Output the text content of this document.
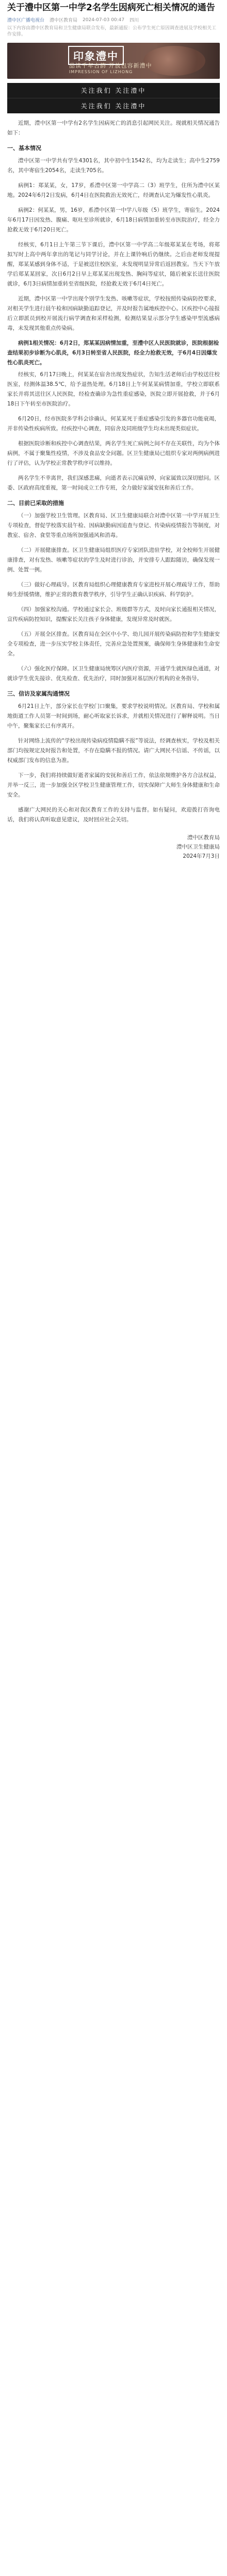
关于澧中区第一中学2名学生因病死亡相关情况的通告
澧中区广播电视台 澧中区教育局 2024-07-03 00:47 四川
以下内容由澧中区教育局和卫生健康局联合发布，最新通报：公布学生死亡原因调查进展及学校相关工作安排。
印象澧中
品读千年古韵 开放包容新澧中
IMPRESSION OF LIZHONG
关注我们 关注澧中
关注我们 关注澧中

近期，澧中区第一中学有2名学生因病死亡的消息引起网民关注。现就相关情况通告如下：

一、基本情况

澧中区第一中学共有学生4301名，其中初中生1542名，均为走读生；高中生2759名，其中寄宿生2054名，走读生705名。

病例1：郑某某，女，17岁，系澧中区第一中学高二（3）班学生，住所为澧中区某地。2024年6月2日发病，6月4日在医院救治无效死亡，经调查认定为爆发性心肌炎。

病例2：何某某，男，16岁，系澧中区第一中学八年级（5）班学生，寄宿生。2024年6月17日因发热、腹痛、呕吐至诊所就诊，6月18日病情加重转至市医院治疗，经全力抢救无效于6月20日死亡。

经核实，6月1日上午第三节下课后，澧中区第一中学高二年级郑某某在考场，将郑拟写时上高中两年拿出的笔记与同学讨论，并在上课铃响后仍继续。之后由老师发现提醒，郑某某感到身体不适，于是被送往校医室，未发现明显异常后返回教室。当天下午放学后郑某某回家，次日6月2日早上郑某某出现发热、胸闷等症状，随后被家长送往医院就诊，6月3日病情加重转至省级医院，经抢救无效于6月4日死亡。

近期，澧中区第一中学出现个别学生发热、咳嗽等症状，学校按照传染病防控要求，对相关学生进行晨午检和因病缺勤追踪登记，并及时报告属地疾控中心。区疾控中心接报后立即派员到校开展流行病学调查和采样检测，检测结果显示部分学生感染甲型流感病毒，未发现其他重点传染病。

病例1相关情况：6月2日，郑某某因病情加重，至澧中区人民医院就诊，医院根据检查结果初步诊断为心肌炎，6月3日转至省人民医院，经全力抢救无效，于6月4日因爆发性心肌炎死亡。

经核实，6月17日晚上，何某某在宿舍出现发热症状，告知生活老师后由学校送往校医室，经测体温38.5℃，给予退热处理。6月18日上午何某某病情加重，学校立即联系家长并将其送往区人民医院，经检查确诊为急性重症感染，医院立即开展抢救，并于6月18日下午转至市医院治疗。

6月20日，经市医院多学科会诊确认，何某某死于重症感染引发的多器官功能衰竭，并非传染性疾病所致。经疾控中心调查，同宿舍及同班级学生均未出现类似症状。

根据医院诊断和疾控中心调查结果，两名学生死亡病例之间不存在关联性，均为个体病例，不属于聚集性疫情，不涉及食品安全问题。区卫生健康局已组织专家对两例病例进行了评估，认为学校正常教学秩序可以维持。

两名学生不幸离世，我们深感悲痛，向逝者表示沉痛哀悼，向家属致以深切慰问。区委、区政府高度重视，第一时间成立工作专班，全力做好家属安抚和善后工作。

二、目前已采取的措施

（一）加强学校卫生管理。区教育局、区卫生健康局联合对澧中区第一中学开展卫生专项检查，督促学校落实晨午检、因病缺勤病因追查与登记、传染病疫情报告等制度，对教室、宿舍、食堂等重点场所加强通风和消毒。

（二）开展健康排查。区卫生健康局组织医疗专家团队进驻学校，对全校师生开展健康排查，对有发热、咳嗽等症状的学生及时进行诊治，并安排专人跟踪随访，确保发现一例、处置一例。

（三）做好心理疏导。区教育局组织心理健康教育专家进校开展心理疏导工作，帮助师生舒缓情绪，维护正常的教育教学秩序，引导学生正确认识疾病、科学防护。

（四）加强家校沟通。学校通过家长会、班级群等方式，及时向家长通报相关情况，宣传疾病防控知识，提醒家长关注孩子身体健康，发现异常及时就医。

（五）开展全区排查。区教育局在全区中小学、幼儿园开展传染病防控和学生健康安全专项检查，进一步压实学校主体责任，完善应急处置预案，确保师生身体健康和生命安全。

（六）强化医疗保障。区卫生健康局统筹区内医疗资源，开通学生就医绿色通道，对就诊学生优先接诊、优先检查、优先治疗，同时加强对基层医疗机构的业务指导。

三、信访及家属沟通情况

6月21日上午，部分家长在学校门口聚集，要求学校说明情况。区教育局、学校和属地街道工作人员第一时间到场，耐心听取家长诉求，并就相关情况进行了解释说明。当日中午，聚集家长已有序离开。

针对网络上流传的“学校出现传染病疫情隐瞒不报”等说法，经调查核实，学校及相关部门均按规定及时报告和处置，不存在隐瞒不报的情况。请广大网民不信谣、不传谣，以权威部门发布的信息为准。

下一步，我们将持续做好逝者家属的安抚和善后工作，依法依规维护各方合法权益，并举一反三，进一步加强全区学校卫生健康管理工作，切实保障广大师生身体健康和生命安全。

感谢广大网民的关心和对我区教育工作的支持与监督。如有疑问，欢迎拨打咨询电话，我们将认真听取意见建议，及时回应社会关切。

澧中区教育局
澧中区卫生健康局
2024年7月3日
